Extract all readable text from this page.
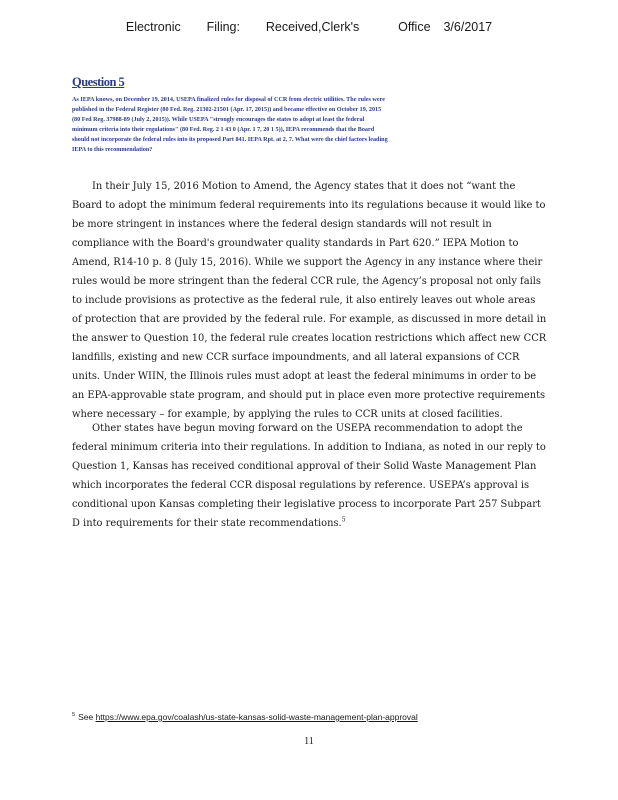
Electronic    Filing:    Received,Clerk's      Office  3/6/2017
Question 5
As IEPA knows, on December 19, 2014, USEPA finalized rules for disposal of CCR from electric utilities. The rules were published in the Federal Register (80 Fed. Reg. 21302-21501 (Apr. 17, 2015)) and became effective on October 19, 2015 (80 Fed Reg. 37988-89 (July 2, 2015)). While USEPA "strongly encourages the states to adopt at least the federal minimum criteria into their regulations" (80 Fed. Reg. 2 1 43 0 (Apr. 1 7, 20 1 5)), IEPA recommends that the Board should not incorporate the federal rules into its proposed Part 841. IEPA Rpt. at 2, 7. What were the chief factors leading IEPA to this recommendation?

In their July 15, 2016 Motion to Amend, the Agency states that it does not “want the Board to adopt the minimum federal requirements into its regulations because it would like to be more stringent in instances where the federal design standards will not result in compliance with the Board's groundwater quality standards in Part 620.” IEPA Motion to Amend, R14-10 p. 8 (July 15, 2016). While we support the Agency in any instance where their rules would be more stringent than the federal CCR rule, the Agency’s proposal not only fails to include provisions as protective as the federal rule, it also entirely leaves out whole areas of protection that are provided by the federal rule. For example, as discussed in more detail in the answer to Question 10, the federal rule creates location restrictions which affect new CCR landfills, existing and new CCR surface impoundments, and all lateral expansions of CCR units. Under WIIN, the Illinois rules must adopt at least the federal minimums in order to be an EPA-approvable state program, and should put in place even more protective requirements where necessary – for example, by applying the rules to CCR units at closed facilities.

Other states have begun moving forward on the USEPA recommendation to adopt the federal minimum criteria into their regulations. In addition to Indiana, as noted in our reply to Question 1, Kansas has received conditional approval of their Solid Waste Management Plan which incorporates the federal CCR disposal regulations by reference. USEPA’s approval is conditional upon Kansas completing their legislative process to incorporate Part 257 Subpart D into requirements for their state recommendations.$^5$

$^5$ See https://www.epa.gov/coalash/us-state-kansas-solid-waste-management-plan-approval
11
